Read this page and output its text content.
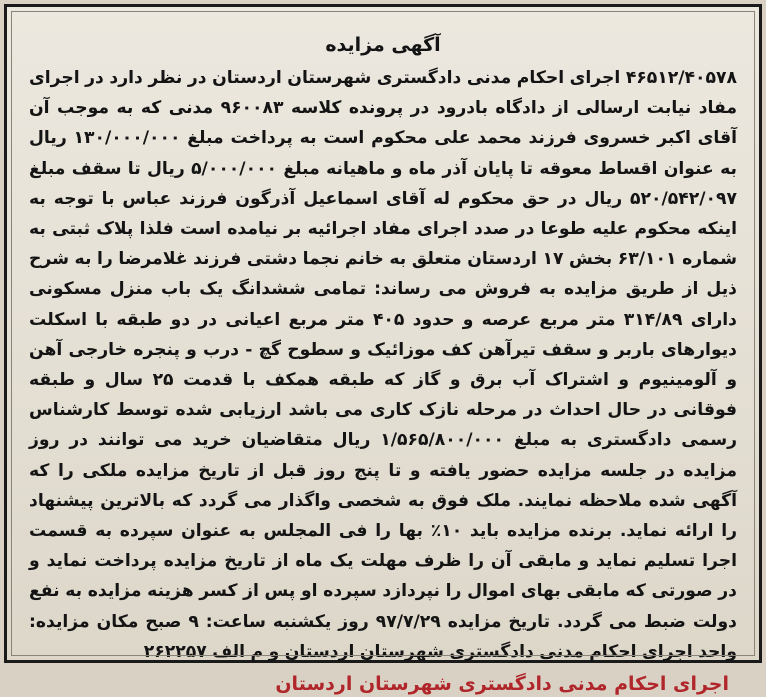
آگهی مزایده

۴۶۵۱۲/۴۰۵۷۸ اجرای احکام مدنی دادگستری شهرستان اردستان در نظر دارد در اجرای مفاد نیابت ارسالی از دادگاه بادرود در پرونده کلاسه ۹۶۰۰۸۳ مدنی که به موجب آن آقای اکبر خسروی فرزند محمد علی محکوم است به پرداخت مبلغ ۱۳۰/۰۰۰/۰۰۰ ریال به عنوان اقساط معوقه تا پایان آذر ماه و ماهیانه مبلغ ۵/۰۰۰/۰۰۰ ریال تا سقف مبلغ ۵۲۰/۵۴۲/۰۹۷ ریال در حق محکوم له آقای اسماعیل آذرگون فرزند عباس با توجه به اینکه محکوم علیه طوعا در صدد اجرای مفاد اجرائیه بر نیامده است فلذا پلاک ثبتی به شماره ۶۳/۱۰۱ بخش ۱۷ اردستان متعلق به خانم نجما دشتی فرزند غلامرضا را به شرح ذیل از طریق مزایده به فروش می رساند: تمامی ششدانگ یک باب منزل مسکونی دارای ۳۱۴/۸۹ متر مربع عرصه و حدود ۴۰۵ متر مربع اعیانی در دو طبقه با اسکلت دیوارهای باربر و سقف تیرآهن کف موزائیک و سطوح گچ - درب و پنجره خارجی آهن و آلومینیوم و اشتراک آب برق و گاز که طبقه همکف با قدمت ۲۵ سال و طبقه فوقانی در حال احداث در مرحله نازک کاری می باشد ارزیابی شده توسط کارشناس رسمی دادگستری به مبلغ ۱/۵۶۵/۸۰۰/۰۰۰ ریال متقاضیان خرید می توانند در روز مزایده در جلسه مزایده حضور یافته و تا پنج روز قبل از تاریخ مزایده ملکی را که آگهی شده ملاحظه نمایند. ملک فوق به شخصی واگذار می گردد که بالاترین پیشنهاد را ارائه نماید. برنده مزایده باید ۱۰٪ بها را فی المجلس به عنوان سپرده به قسمت اجرا تسلیم نماید و مابقی آن را ظرف مهلت یک ماه از تاریخ مزایده پرداخت نماید و در صورتی که مابقی بهای اموال را نپردازد سپرده او پس از کسر هزینه مزایده به نفع دولت ضبط می گردد. تاریخ مزایده ۹۷/۷/۲۹ روز یکشنبه ساعت: ۹ صبح مکان مزایده: واحد اجرای احکام مدنی دادگستری شهرستان اردستان و م الف ۲۶۲۲۵۷

اجرای احکام مدنی دادگستری شهرستان اردستان
